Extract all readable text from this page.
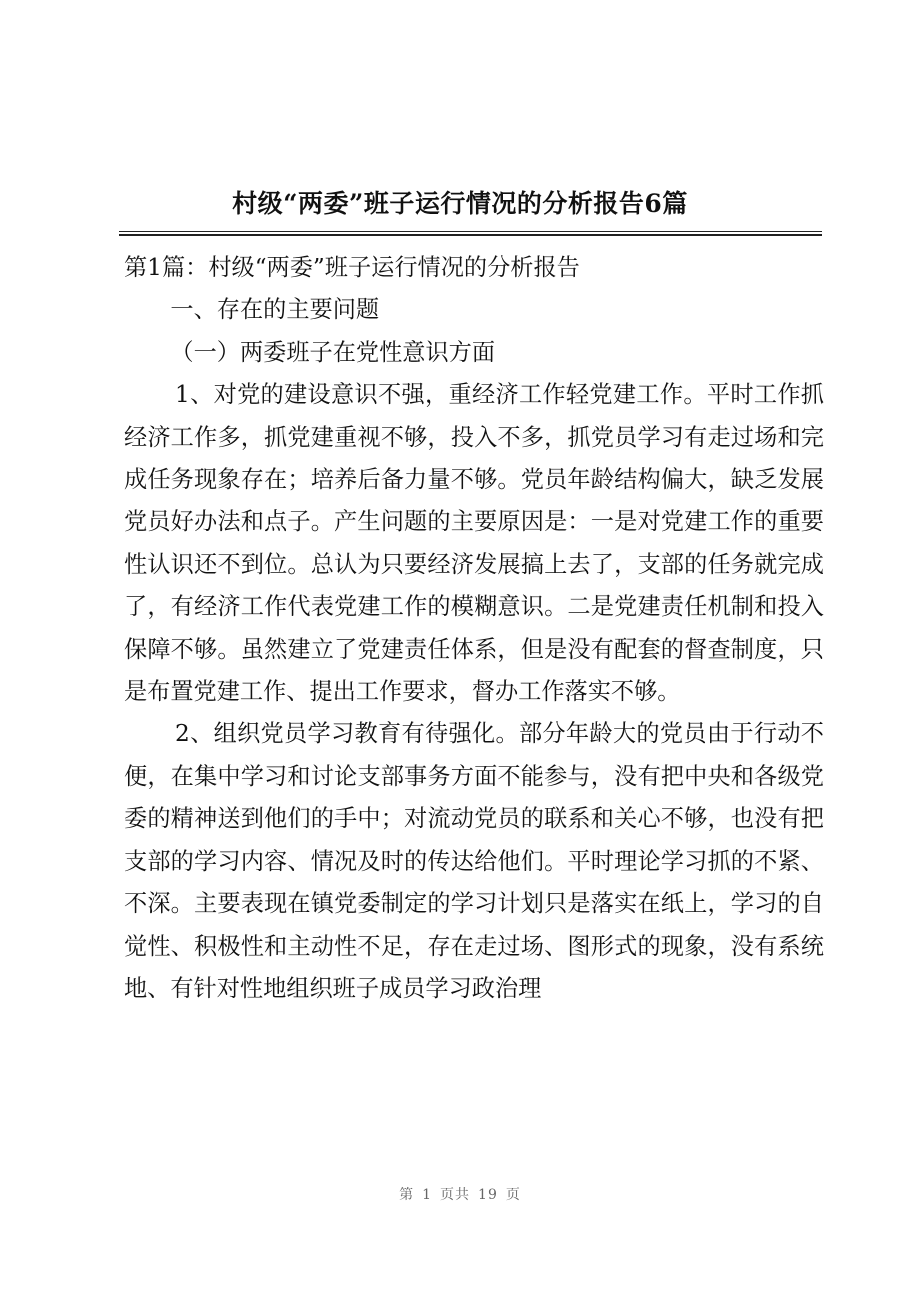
村级“两委”班子运行情况的分析报告6篇

第1篇：村级“两委”班子运行情况的分析报告

一、存在的主要问题

（一）两委班子在党性意识方面

1、对党的建设意识不强，重经济工作轻党建工作。平时工作抓经济工作多，抓党建重视不够，投入不多，抓党员学习有走过场和完成任务现象存在；培养后备力量不够。党员年龄结构偏大，缺乏发展党员好办法和点子。产生问题的主要原因是：一是对党建工作的重要性认识还不到位。总认为只要经济发展搞上去了，支部的任务就完成了，有经济工作代表党建工作的模糊意识。二是党建责任机制和投入保障不够。虽然建立了党建责任体系，但是没有配套的督查制度，只是布置党建工作、提出工作要求，督办工作落实不够。

2、组织党员学习教育有待强化。部分年龄大的党员由于行动不便，在集中学习和讨论支部事务方面不能参与，没有把中央和各级党委的精神送到他们的手中；对流动党员的联系和关心不够，也没有把支部的学习内容、情况及时的传达给他们。平时理论学习抓的不紧、不深。主要表现在镇党委制定的学习计划只是落实在纸上，学习的自觉性、积极性和主动性不足，存在走过场、图形式的现象，没有系统地、有针对性地组织班子成员学习政治理

第 1 页共 19 页
